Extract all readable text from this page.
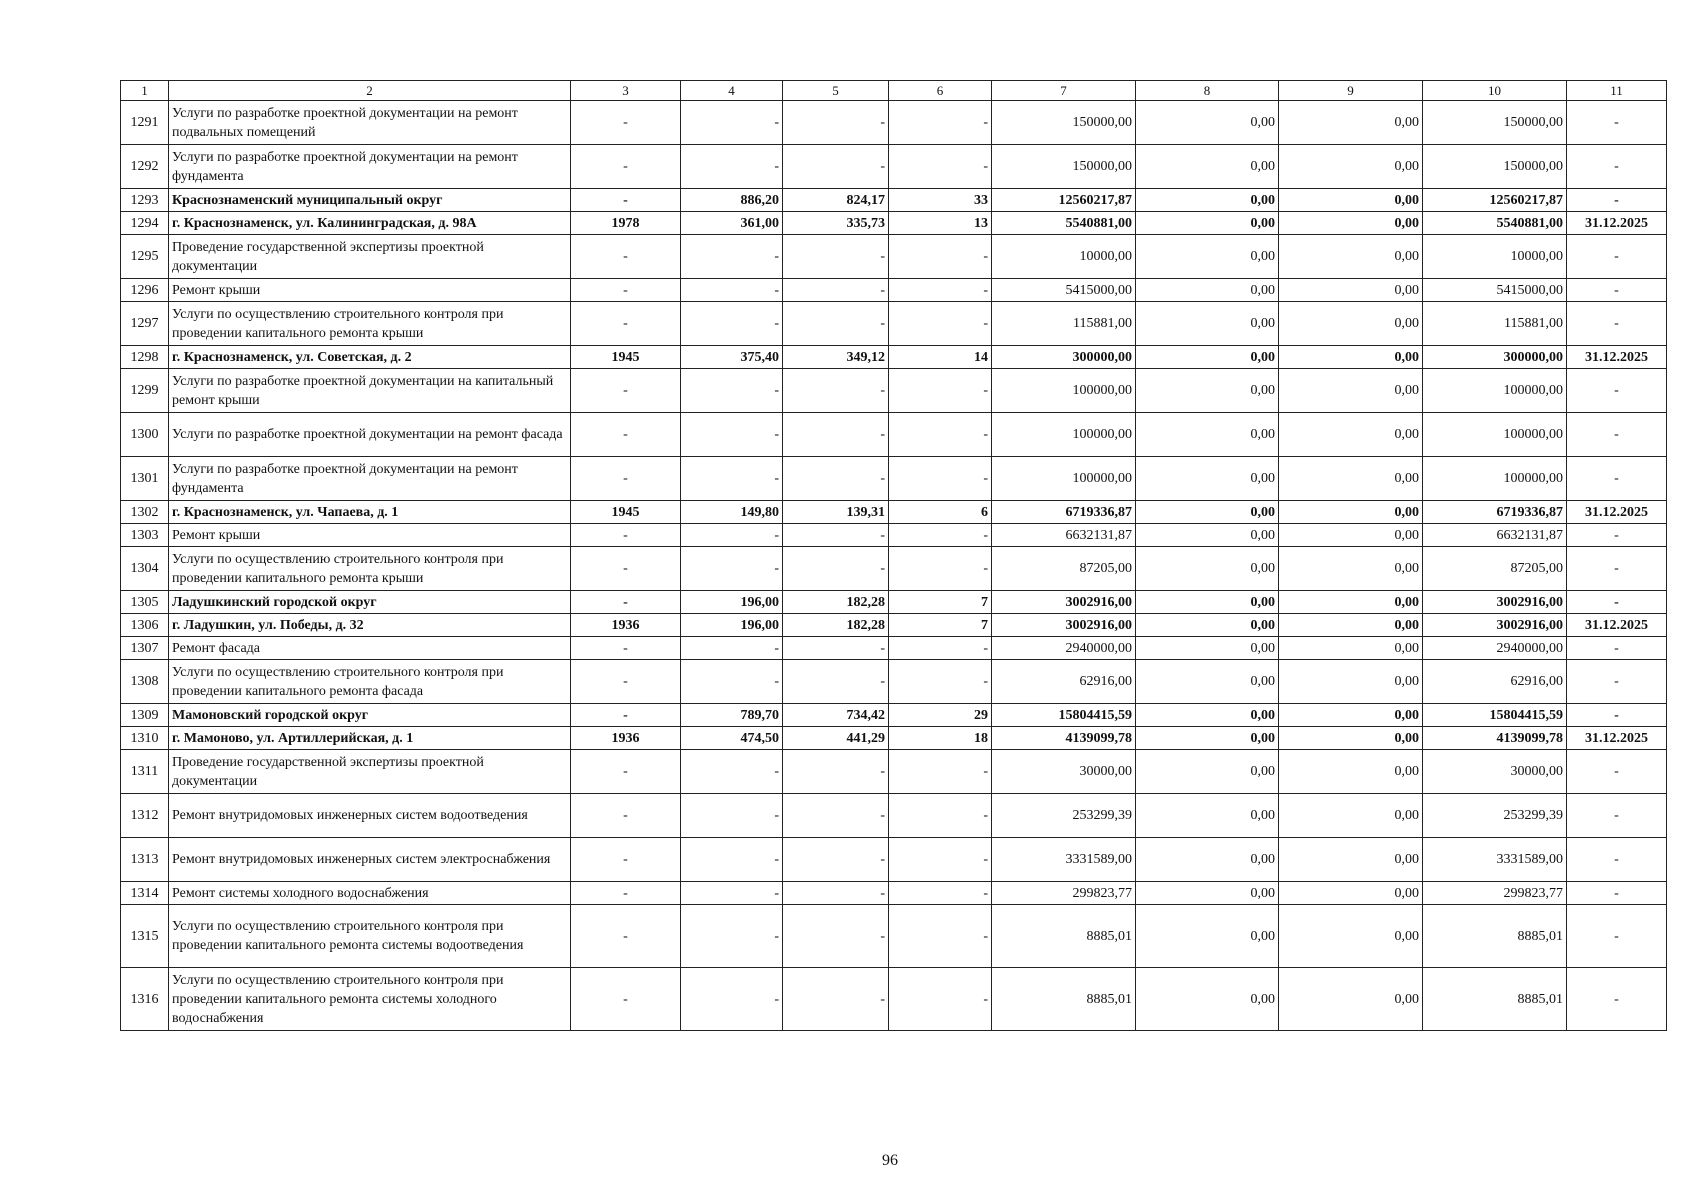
1	2	3	4	5	6	7	8	9	10	11
1291	Услуги по разработке проектной документации на ремонт подвальных помещений	-	-	-	-	150000,00	0,00	0,00	150000,00	-
1292	Услуги по разработке проектной документации на ремонт фундамента	-	-	-	-	150000,00	0,00	0,00	150000,00	-
1293	Краснознаменский муниципальный округ	-	886,20	824,17	33	12560217,87	0,00	0,00	12560217,87	-
1294	г. Краснознаменск, ул. Калининградская, д. 98А	1978	361,00	335,73	13	5540881,00	0,00	0,00	5540881,00	31.12.2025
1295	Проведение государственной экспертизы проектной документации	-	-	-	-	10000,00	0,00	0,00	10000,00	-
1296	Ремонт крыши	-	-	-	-	5415000,00	0,00	0,00	5415000,00	-
1297	Услуги по осуществлению строительного контроля при проведении капитального ремонта крыши	-	-	-	-	115881,00	0,00	0,00	115881,00	-
1298	г. Краснознаменск, ул. Советская, д. 2	1945	375,40	349,12	14	300000,00	0,00	0,00	300000,00	31.12.2025
1299	Услуги по разработке проектной документации на капитальный ремонт крыши	-	-	-	-	100000,00	0,00	0,00	100000,00	-
1300	Услуги по разработке проектной документации на ремонт фасада	-	-	-	-	100000,00	0,00	0,00	100000,00	-
1301	Услуги по разработке проектной документации на ремонт фундамента	-	-	-	-	100000,00	0,00	0,00	100000,00	-
1302	г. Краснознаменск, ул. Чапаева, д. 1	1945	149,80	139,31	6	6719336,87	0,00	0,00	6719336,87	31.12.2025
1303	Ремонт крыши	-	-	-	-	6632131,87	0,00	0,00	6632131,87	-
1304	Услуги по осуществлению строительного контроля при проведении капитального ремонта крыши	-	-	-	-	87205,00	0,00	0,00	87205,00	-
1305	Ладушкинский городской округ	-	196,00	182,28	7	3002916,00	0,00	0,00	3002916,00	-
1306	г. Ладушкин, ул. Победы, д. 32	1936	196,00	182,28	7	3002916,00	0,00	0,00	3002916,00	31.12.2025
1307	Ремонт фасада	-	-	-	-	2940000,00	0,00	0,00	2940000,00	-
1308	Услуги по осуществлению строительного контроля при проведении капитального ремонта фасада	-	-	-	-	62916,00	0,00	0,00	62916,00	-
1309	Мамоновский городской округ	-	789,70	734,42	29	15804415,59	0,00	0,00	15804415,59	-
1310	г. Мамоново, ул. Артиллерийская, д. 1	1936	474,50	441,29	18	4139099,78	0,00	0,00	4139099,78	31.12.2025
1311	Проведение государственной экспертизы проектной документации	-	-	-	-	30000,00	0,00	0,00	30000,00	-
1312	Ремонт внутридомовых инженерных систем водоотведения	-	-	-	-	253299,39	0,00	0,00	253299,39	-
1313	Ремонт внутридомовых инженерных систем электроснабжения	-	-	-	-	3331589,00	0,00	0,00	3331589,00	-
1314	Ремонт системы холодного водоснабжения	-	-	-	-	299823,77	0,00	0,00	299823,77	-
1315	Услуги по осуществлению строительного контроля при проведении капитального ремонта системы водоотведения	-	-	-	-	8885,01	0,00	0,00	8885,01	-
1316	Услуги по осуществлению строительного контроля при проведении капитального ремонта системы холодного водоснабжения	-	-	-	-	8885,01	0,00	0,00	8885,01	-
96
